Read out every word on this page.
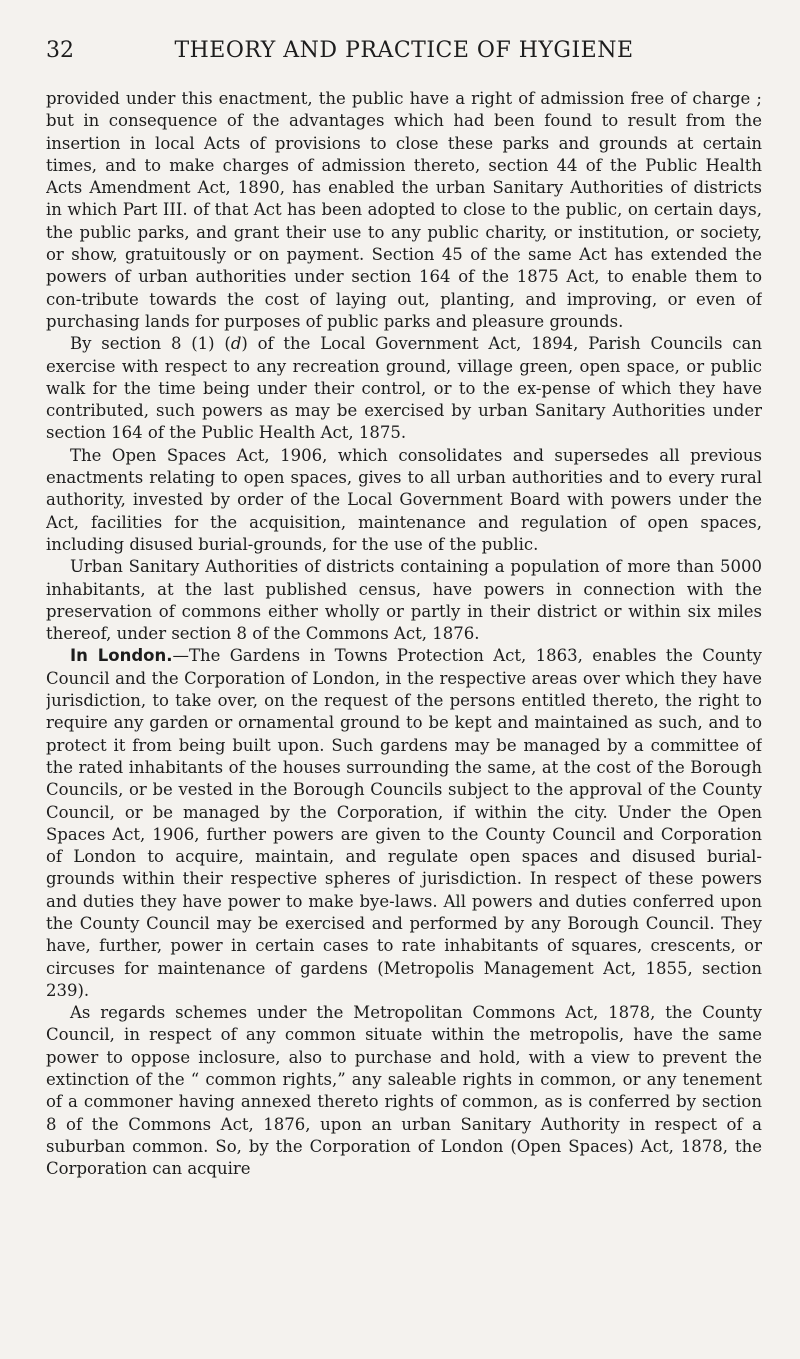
32	THEORY AND PRACTICE OF HYGIENE

provided under this enactment, the public have a right of admission free of charge ; but in consequence of the advantages which had been found to result from the insertion in local Acts of provisions to close these parks and grounds at certain times, and to make charges of admission thereto, section 44 of the Public Health Acts Amendment Act, 1890, has enabled the urban Sanitary Authorities of districts in which Part III. of that Act has been adopted to close to the public, on certain days, the public parks, and grant their use to any public charity, or institution, or society, or show, gratuitously or on payment. Section 45 of the same Act has extended the powers of urban authorities under section 164 of the 1875 Act, to enable them to con-tribute towards the cost of laying out, planting, and improving, or even of purchasing lands for purposes of public parks and pleasure grounds.

By section 8 (1) (d) of the Local Government Act, 1894, Parish Councils can exercise with respect to any recreation ground, village green, open space, or public walk for the time being under their control, or to the ex-pense of which they have contributed, such powers as may be exercised by urban Sanitary Authorities under section 164 of the Public Health Act, 1875.

The Open Spaces Act, 1906, which consolidates and supersedes all previous enactments relating to open spaces, gives to all urban authorities and to every rural authority, invested by order of the Local Government Board with powers under the Act, facilities for the acquisition, maintenance and regulation of open spaces, including disused burial-grounds, for the use of the public.

Urban Sanitary Authorities of districts containing a population of more than 5000 inhabitants, at the last published census, have powers in connection with the preservation of commons either wholly or partly in their district or within six miles thereof, under section 8 of the Commons Act, 1876.

In London.—The Gardens in Towns Protection Act, 1863, enables the County Council and the Corporation of London, in the respective areas over which they have jurisdiction, to take over, on the request of the persons entitled thereto, the right to require any garden or ornamental ground to be kept and maintained as such, and to protect it from being built upon. Such gardens may be managed by a committee of the rated inhabitants of the houses surrounding the same, at the cost of the Borough Councils, or be vested in the Borough Councils subject to the approval of the County Council, or be managed by the Corporation, if within the city. Under the Open Spaces Act, 1906, further powers are given to the County Council and Corporation of London to acquire, maintain, and regulate open spaces and disused burial-grounds within their respective spheres of jurisdiction. In respect of these powers and duties they have power to make bye-laws. All powers and duties conferred upon the County Council may be exercised and performed by any Borough Council. They have, further, power in certain cases to rate inhabitants of squares, crescents, or circuses for maintenance of gardens (Metropolis Management Act, 1855, section 239).

As regards schemes under the Metropolitan Commons Act, 1878, the County Council, in respect of any common situate within the metropolis, have the same power to oppose inclosure, also to purchase and hold, with a view to prevent the extinction of the “ common rights,” any saleable rights in common, or any tenement of a commoner having annexed thereto rights of common, as is conferred by section 8 of the Commons Act, 1876, upon an urban Sanitary Authority in respect of a suburban common. So, by the Corporation of London (Open Spaces) Act, 1878, the Corporation can acquire
